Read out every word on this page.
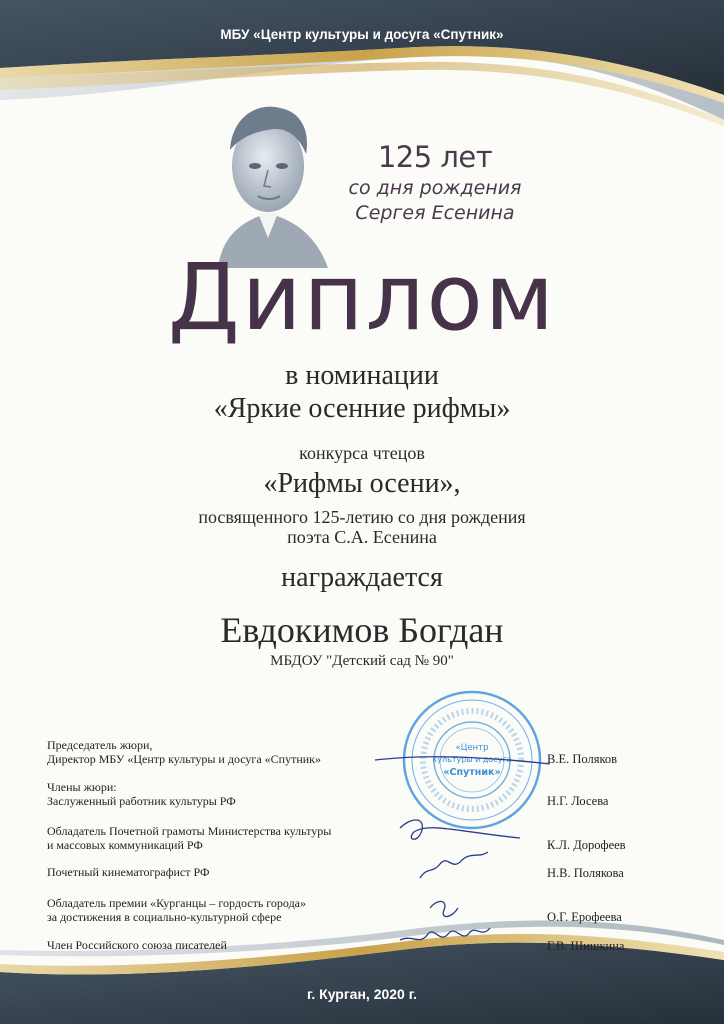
МБУ «Центр культуры и досуга «Спутник»
125 лет
со дня рождения
Сергея Есенина
Диплом
в номинации
«Яркие осенние рифмы»
конкурса чтецов
«Рифмы осени»,
посвященного 125-летию со дня рождения
поэта С.А. Есенина
награждается
Евдокимов Богдан
МБДОУ "Детский сад № 90"
«Центр
культуры и досуга
«Спутник»
Председатель жюри,
Директор МБУ «Центр культуры и досуга «Спутник»	В.Е. Поляков
Члены жюри:
Заслуженный работник культуры РФ	Н.Г. Лосева
Обладатель Почетной грамоты Министерства культуры
и массовых коммуникаций РФ	К.Л. Дорофеев
Почетный кинематографист РФ	Н.В. Полякова
Обладатель премии «Курганцы – гордость города»
за достижения в социально-культурной сфере	О.Г. Ерофеева
Член Российского союза писателей	Г.В. Шишкина
г. Курган, 2020 г.
